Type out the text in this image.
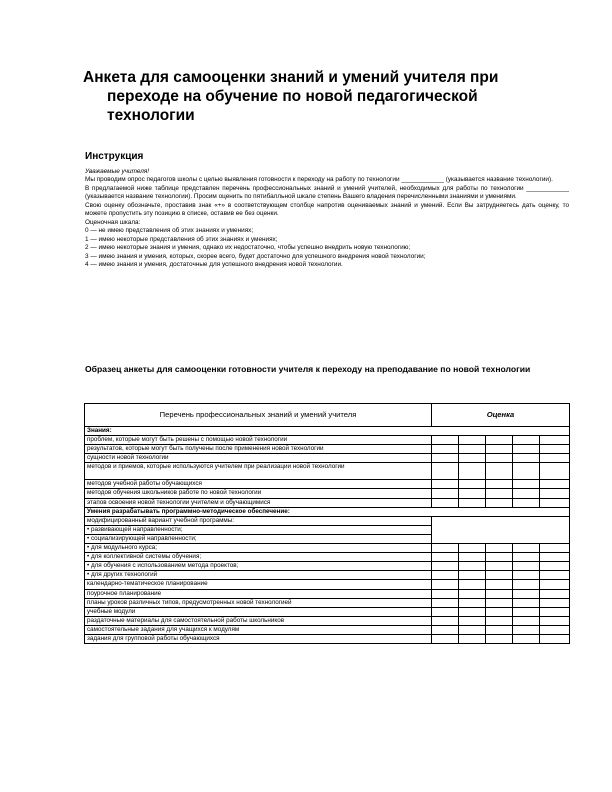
Анкета для самооценки знаний и умений учителя при
переходе на обучение по новой педагогической
технологии
Инструкция

Уважаемые учителя!

Мы проводим опрос педагогов школы с целью выявления готовности к переходу на работу по технологии ____________ (указывается название технологии).

В предлагаемой ниже таблице представлен перечень профессиональных знаний и умений учителей, необходимых для работы по технологии ____________ (указывается название технологии). Просим оценить по пятибалльной шкале степень Вашего владения перечисленными знаниями и умениями.

Свою оценку обозначьте, проставив знак «+» в соответствующем столбце напротив оцениваемых знаний и умений. Если Вы затрудняетесь дать оценку, то можете пропустить эту позицию в списке, оставив ее без оценки.

Оценочная шкала:

0 — не имею представления об этих знаниях и умениях;

1 — имею некоторые представления об этих знаниях и умениях;

2 — имею некоторые знания и умения, однако их недостаточно, чтобы успешно внедрить новую технологию;

3 — имею знания и умения, которых, скорее всего, будет достаточно для успешного внедрения новой технологии;

4 — имею знания и умения, достаточные для успешного внедрения новой технологии.

Образец анкеты для самооценки готовности учителя к переходу на преподавание по новой технологии
Перечень профессиональных знаний и умений учителя	Оценка				
Знания:					
проблем, которые могут быть решены с помощью новой технологии					
результатов, которые могут быть получены после применения новой технологии					
сущности новой технологии					
методов и приемов, которые используются учителем при реализации новой технологии					
методов учебной работы обучающихся					
методов обучения школьников работе по новой технологии					
этапов освоения новой технологии учителем и обучающимися					
Умения разрабатывать программно-методическое обеспечение:					
модифицированный вариант учебной программы:					
• развивающей направленности;					
• социализирующей направленности;					
• для модульного курса;					
• для коллективной системы обучения;					
• для обучения с использованием метода проектов;					
• для других технологий					
календарно-тематическое планирование					
поурочное планирование					
планы уроков различных типов, предусмотренных новой технологией					
учебные модули					
раздаточные материалы для самостоятельной работы школьников					
самостоятельные задания для учащихся к модулям					
задания для групповой работы обучающихся					
